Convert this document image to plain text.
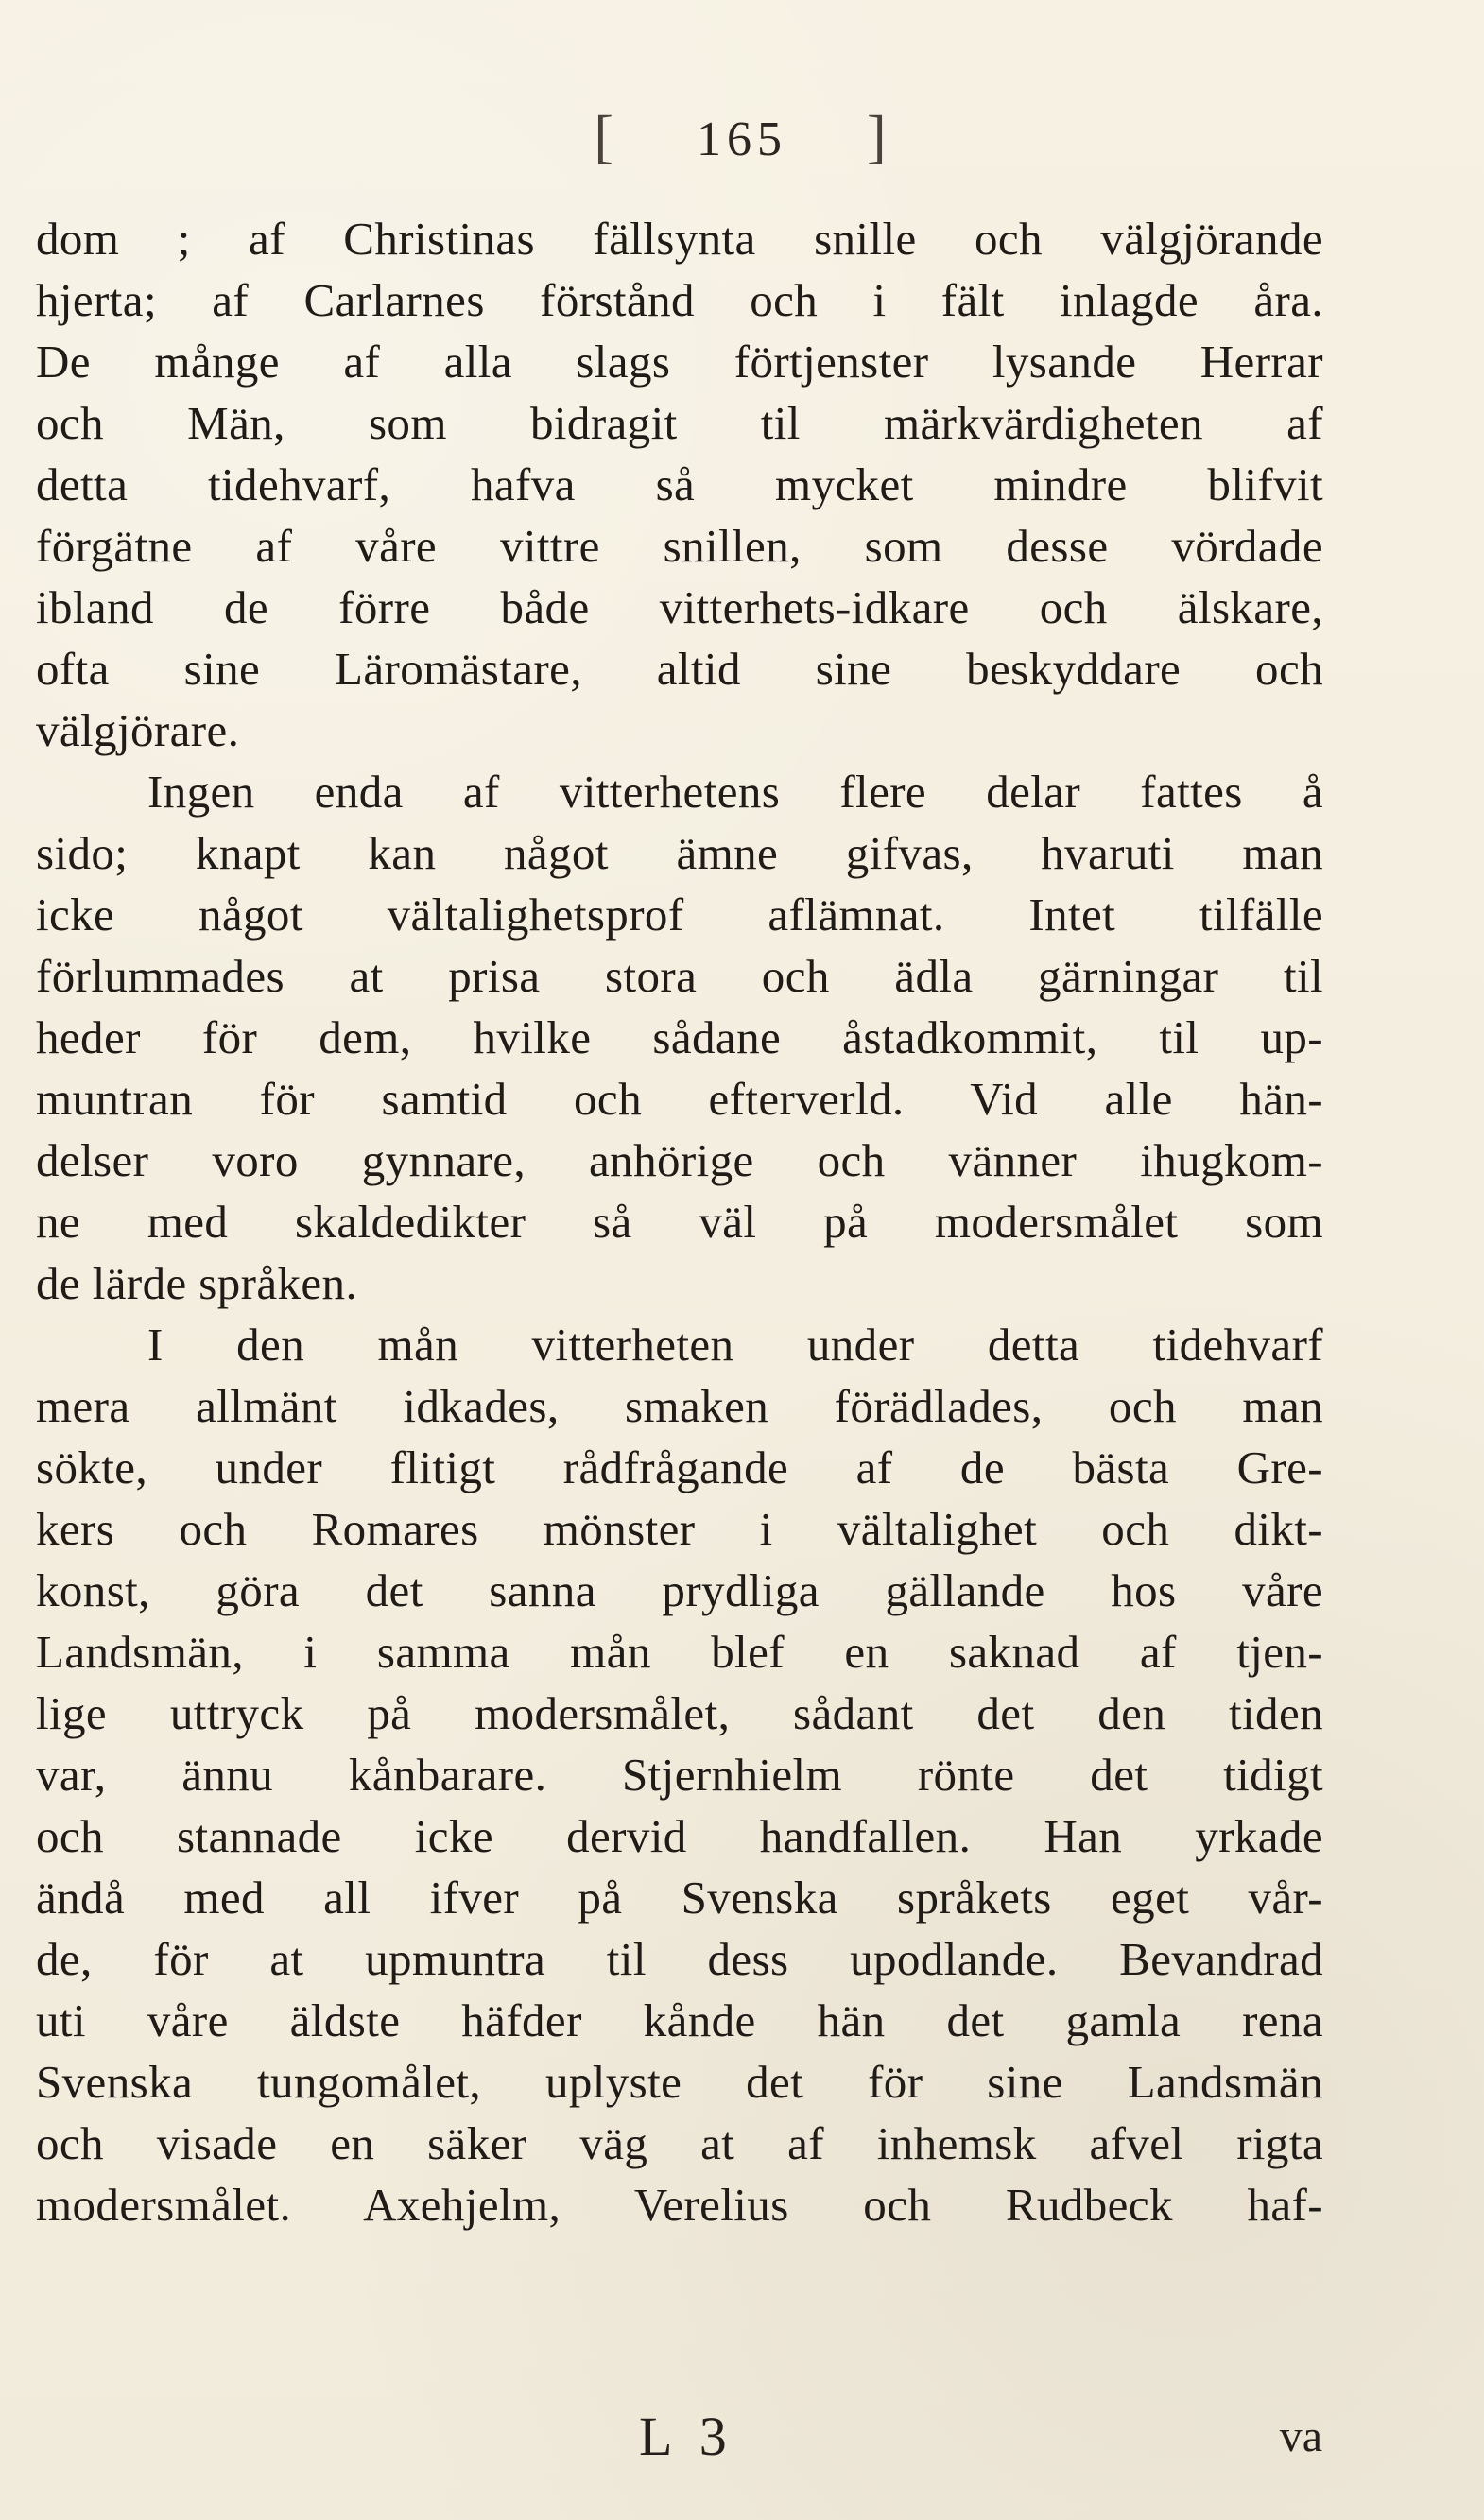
[ 165 ]
dom ; af Christinas fällsynta snille och välgjörande
hjerta; af Carlarnes förstånd och i fält inlagde åra.
De månge af alla slags förtjenster lysande Herrar
och Män, som bidragit til märkvärdigheten af
detta tidehvarf, hafva så mycket mindre blifvit
förgätne af våre vittre snillen, som desse vördade
ibland de förre både vitterhets-idkare och älskare,
ofta sine Läromästare, altid sine beskyddare och
välgjörare.
Ingen enda af vitterhetens flere delar fattes å
sido; knapt kan något ämne gifvas, hvaruti man
icke något vältalighetsprof aflämnat. Intet tilfälle
förlummades at prisa stora och ädla gärningar til
heder för dem, hvilke sådane åstadkommit, til up-
muntran för samtid och efterverld. Vid alle hän-
delser voro gynnare, anhörige och vänner ihugkom-
ne med skaldedikter så väl på modersmålet som
de lärde språken.
I den mån vitterheten under detta tidehvarf
mera allmänt idkades, smaken förädlades, och man
sökte, under flitigt rådfrågande af de bästa Gre-
kers och Romares mönster i vältalighet och dikt-
konst, göra det sanna prydliga gällande hos våre
Landsmän, i samma mån blef en saknad af tjen-
lige uttryck på modersmålet, sådant det den tiden
var, ännu kånbarare. Stjernhielm rönte det tidigt
och stannade icke dervid handfallen. Han yrkade
ändå med all ifver på Svenska språkets eget vår-
de, för at upmuntra til dess upodlande. Bevandrad
uti våre äldste häfder kånde hän det gamla rena
Svenska tungomålet, uplyste det för sine Landsmän
och visade en säker väg at af inhemsk afvel rigta
modersmålet. Axehjelm, Verelius och Rudbeck haf-
L 3	va
